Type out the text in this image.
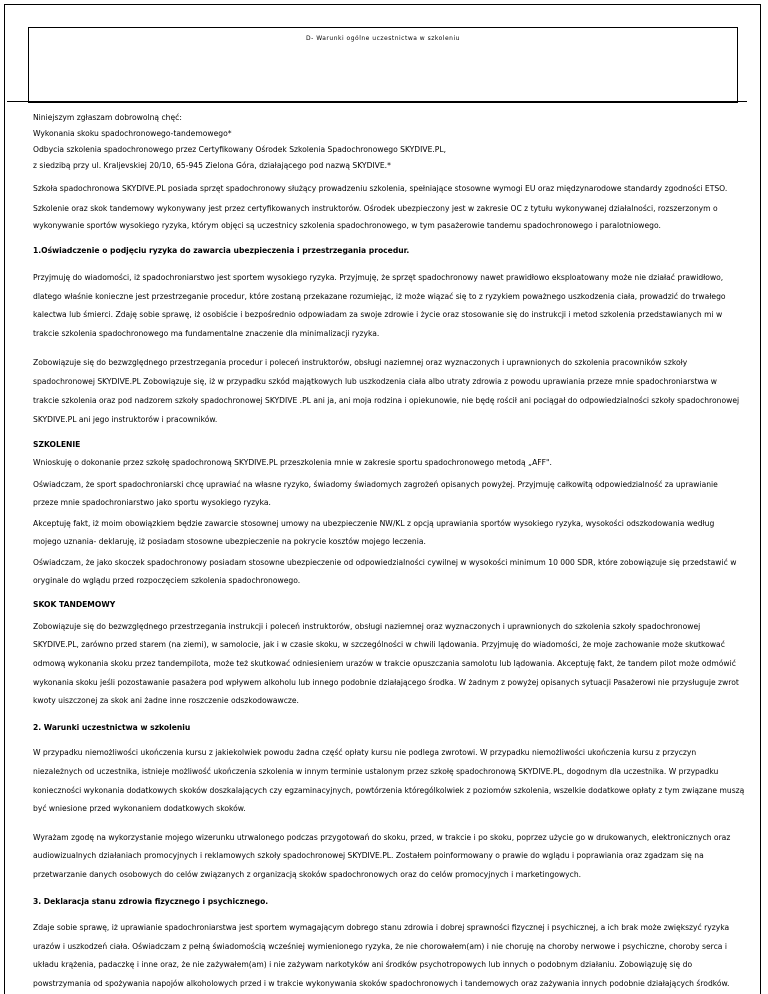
D- Warunki ogólne uczestnictwa w szkoleniu

Niniejszym zgłaszam dobrowolną chęć:

Wykonania skoku spadochronowego-tandemowego*

Odbycia szkolenia spadochronowego przez Certyfikowany Ośrodek Szkolenia Spadochronowego SKYDIVE.PL,

z siedzibą przy ul. Kraljevskiej 20/10, 65-945 Zielona Góra, działającego pod nazwą SKYDIVE.*

Szkoła spadochronowa SKYDIVE.PL posiada sprzęt spadochronowy służący prowadzeniu szkolenia, spełniające stosowne wymogi EU oraz międzynarodowe standardy zgodności ETSO.

Szkolenie oraz skok tandemowy wykonywany jest przez certyfikowanych instruktorów. Ośrodek ubezpieczony jest w zakresie OC z tytułu wykonywanej działalności, rozszerzonym o wykonywanie sportów wysokiego ryzyka, którym objęci są uczestnicy szkolenia spadochronowego, w tym pasażerowie tandemu spadochronowego i paralotniowego.

1.Oświadczenie o podjęciu ryzyka do zawarcia ubezpieczenia i przestrzegania procedur.

Przyjmuję do wiadomości, iż spadochroniarstwo jest sportem wysokiego ryzyka. Przyjmuję, że sprzęt spadochronowy nawet prawidłowo eksploatowany może nie działać prawidłowo, dlatego właśnie konieczne jest przestrzeganie procedur, które zostaną przekazane rozumiejąc, iż może wiązać się to z ryzykiem poważnego uszkodzenia ciała, prowadzić do trwałego kalectwa lub śmierci. Zdaję sobie sprawę, iż osobiście i bezpośrednio odpowiadam za swoje zdrowie i życie oraz stosowanie się do instrukcji i metod szkolenia przedstawianych mi w trakcie szkolenia spadochronowego ma fundamentalne znaczenie dla minimalizacji ryzyka.

Zobowiązuje się do bezwzględnego przestrzegania procedur i poleceń instruktorów, obsługi naziemnej oraz wyznaczonych i uprawnionych do szkolenia pracowników szkoły spadochronowej SKYDIVE.PL Zobowiązuje się, iż w przypadku szkód majątkowych lub uszkodzenia ciała albo utraty zdrowia z powodu uprawiania przeze mnie spadochroniarstwa w trakcie szkolenia oraz pod nadzorem szkoły spadochronowej SKYDIVE .PL ani ja, ani moja rodzina i opiekunowie, nie będę rościł ani pociągał do odpowiedzialności szkoły spadochronowej SKYDIVE.PL ani jego instruktorów i pracowników.

SZKOLENIE

Wnioskuję o dokonanie przez szkołę spadochronową SKYDIVE.PL przeszkolenia mnie w zakresie sportu spadochronowego metodą „AFF".

Oświadczam, że sport spadochroniarski chcę uprawiać na własne ryzyko, świadomy świadomych zagrożeń opisanych powyżej. Przyjmuję całkowitą odpowiedzialność za uprawianie przeze mnie spadochroniarstwo jako sportu wysokiego ryzyka.

Akceptuję fakt, iż moim obowiązkiem będzie zawarcie stosownej umowy na ubezpieczenie NW/KL z opcją uprawiania sportów wysokiego ryzyka, wysokości odszkodowania według mojego uznania- deklaruję, iż posiadam stosowne ubezpieczenie na pokrycie kosztów mojego leczenia.

Oświadczam, że jako skoczek spadochronowy posiadam stosowne ubezpieczenie od odpowiedzialności cywilnej w wysokości minimum 10 000 SDR, które zobowiązuje się przedstawić w oryginale do wglądu przed rozpoczęciem szkolenia spadochronowego.

SKOK TANDEMOWY

Zobowiązuje się do bezwzględnego przestrzegania instrukcji i poleceń instruktorów, obsługi naziemnej oraz wyznaczonych i uprawnionych do szkolenia szkoły spadochronowej SKYDIVE.PL, zarówno przed starem (na ziemi), w samolocie, jak i w czasie skoku, w szczególności w chwili lądowania. Przyjmuję do wiadomości, że moje zachowanie może skutkować odmową wykonania skoku przez tandempilota, może też skutkować odniesieniem urazów w trakcie opuszczania samolotu lub lądowania. Akceptuję fakt, że tandem pilot może odmówić wykonania skoku jeśli pozostawanie pasażera pod wpływem alkoholu lub innego podobnie działającego środka. W żadnym z powyżej opisanych sytuacji Pasażerowi nie przysługuje zwrot kwoty uiszczonej za skok ani żadne inne roszczenie odszkodowawcze.

2. Warunki uczestnictwa w szkoleniu

W przypadku niemożliwości ukończenia kursu z jakiekolwiek powodu żadna część opłaty kursu nie podlega zwrotowi. W przypadku niemożliwości ukończenia kursu z przyczyn niezależnych od uczestnika, istnieje możliwość ukończenia szkolenia w innym terminie ustalonym przez szkołę spadochronową SKYDIVE.PL, dogodnym dla uczestnika. W przypadku konieczności wykonania dodatkowych skoków doszkalających czy egzaminacyjnych, powtórzenia którególkolwiek z poziomów szkolenia, wszelkie dodatkowe opłaty z tym związane muszą być wniesione przed wykonaniem dodatkowych skoków.

Wyrażam zgodę na wykorzystanie mojego wizerunku utrwalonego podczas przygotowań do skoku, przed, w trakcie i po skoku, poprzez użycie go w drukowanych, elektronicznych oraz audiowizualnych działaniach promocyjnych i reklamowych szkoły spadochronowej SKYDIVE.PL. Zostałem poinformowany o prawie do wglądu i poprawiania oraz zgadzam się na przetwarzanie danych osobowych do celów związanych z organizacją skoków spadochronowych oraz do celów promocyjnych i marketingowych.

3. Deklaracja stanu zdrowia fizycznego i psychicznego.

Zdaje sobie sprawę, iż uprawianie spadochroniarstwa jest sportem wymagającym dobrego stanu zdrowia i dobrej sprawności fizycznej i psychicznej, a ich brak może zwiększyć ryzyka urazów i uszkodzeń ciała. Oświadczam z pełną świadomością wcześniej wymienionego ryzyka, że nie chorowałem(am) i nie choruję na choroby nerwowe i psychiczne, choroby serca i układu krążenia, padaczkę i inne oraz, że nie zażywałem(am) i nie zażywam narkotyków ani środków psychotropowych lub innych o podobnym działaniu. Zobowiązuję się do powstrzymania od spożywania napojów alkoholowych przed i w trakcie wykonywania skoków spadochronowych i tandemowych oraz zażywania innych podobnie działających środków.
